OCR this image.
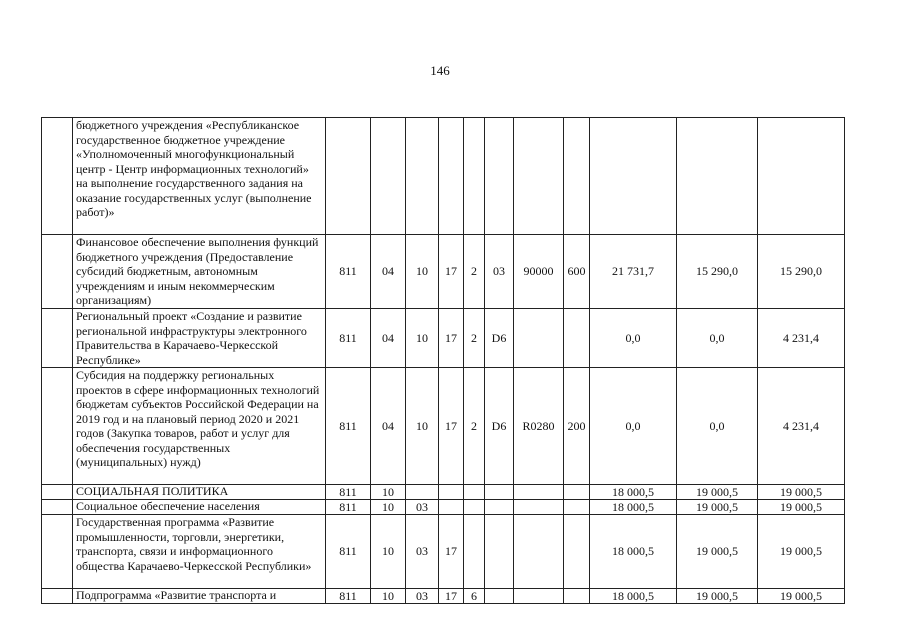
146
	бюджетного учреждения «Республиканское государственное бюджетное учреждение «Уполномоченный многофункциональный центр - Центр информационных технологий» на выполнение государственного задания на оказание государственных услуг (выполнение работ)»											
	Финансовое обеспечение выполнения функций бюджетного учреждения (Предоставление субсидий бюджетным, автономным учреждениям и иным некоммерческим организациям)	811	04	10	17	2	03	90000	600	21 731,7	15 290,0	15 290,0
	Региональный проект «Создание и развитие региональной инфраструктуры электронного Правительства в Карачаево-Черкесской Республике»	811	04	10	17	2	D6			0,0	0,0	4 231,4
	Субсидия на поддержку региональных проектов в сфере информационных технологий бюджетам субъектов Российской Федерации на 2019 год и на плановый период 2020 и 2021 годов (Закупка товаров, работ и услуг для обеспечения государственных (муниципальных) нужд)	811	04	10	17	2	D6	R0280	200	0,0	0,0	4 231,4
	СОЦИАЛЬНАЯ ПОЛИТИКА	811	10							18 000,5	19 000,5	19 000,5
	Социальное обеспечение населения	811	10	03						18 000,5	19 000,5	19 000,5
	Государственная программа «Развитие промышленности, торговли, энергетики, транспорта, связи и информационного общества Карачаево-Черкесской Республики»	811	10	03	17					18 000,5	19 000,5	19 000,5
	Подпрограмма «Развитие транспорта и	811	10	03	17	6				18 000,5	19 000,5	19 000,5
